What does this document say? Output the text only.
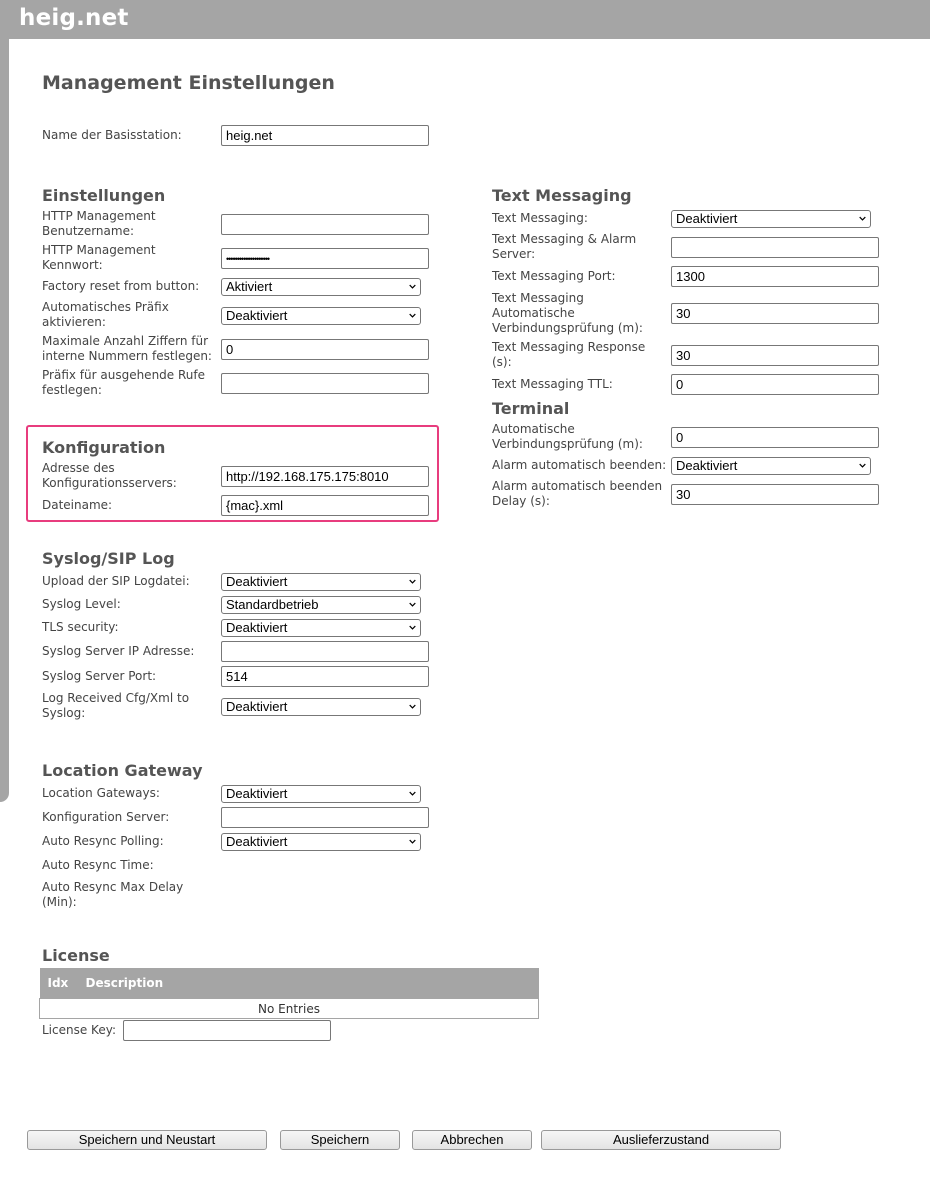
heig.net
Management Einstellungen
Name der Basisstation:
heig.net
Einstellungen
HTTP Management Benutzername:
HTTP Management Kennwort:
••••••••••••••••••••
Factory reset from button:	Aktiviert
Automatisches Präfix aktivieren:	Deaktiviert
Maximale Anzahl Ziffern für interne Nummern festlegen:
0
Präfix für ausgehende Rufe festlegen:
Konfiguration
Adresse des Konfigurationsservers:
http://192.168.175.175:8010
Dateiname:
{mac}.xml
Syslog/SIP Log
Upload der SIP Logdatei:	Deaktiviert
Syslog Level:	Standardbetrieb
TLS security:	Deaktiviert
Syslog Server IP Adresse:
Syslog Server Port:
514
Log Received Cfg/Xml to Syslog:	Deaktiviert
Location Gateway
Location Gateways:	Deaktiviert
Konfiguration Server:
Auto Resync Polling:	Deaktiviert
Auto Resync Time:
Auto Resync Max Delay (Min):
License
Idx	Description
No Entries
License Key:
Text Messaging
Text Messaging:	Deaktiviert
Text Messaging & Alarm Server:
Text Messaging Port:
1300
Text Messaging Automatische Verbindungsprüfung (m):
30
Text Messaging Response (s):
30
Text Messaging TTL:
0
Terminal
Automatische Verbindungsprüfung (m):
0
Alarm automatisch beenden: Deaktiviert
Alarm automatisch beenden Delay (s):
30
Speichern und Neustart	Speichern	Abbrechen	Auslieferzustand
